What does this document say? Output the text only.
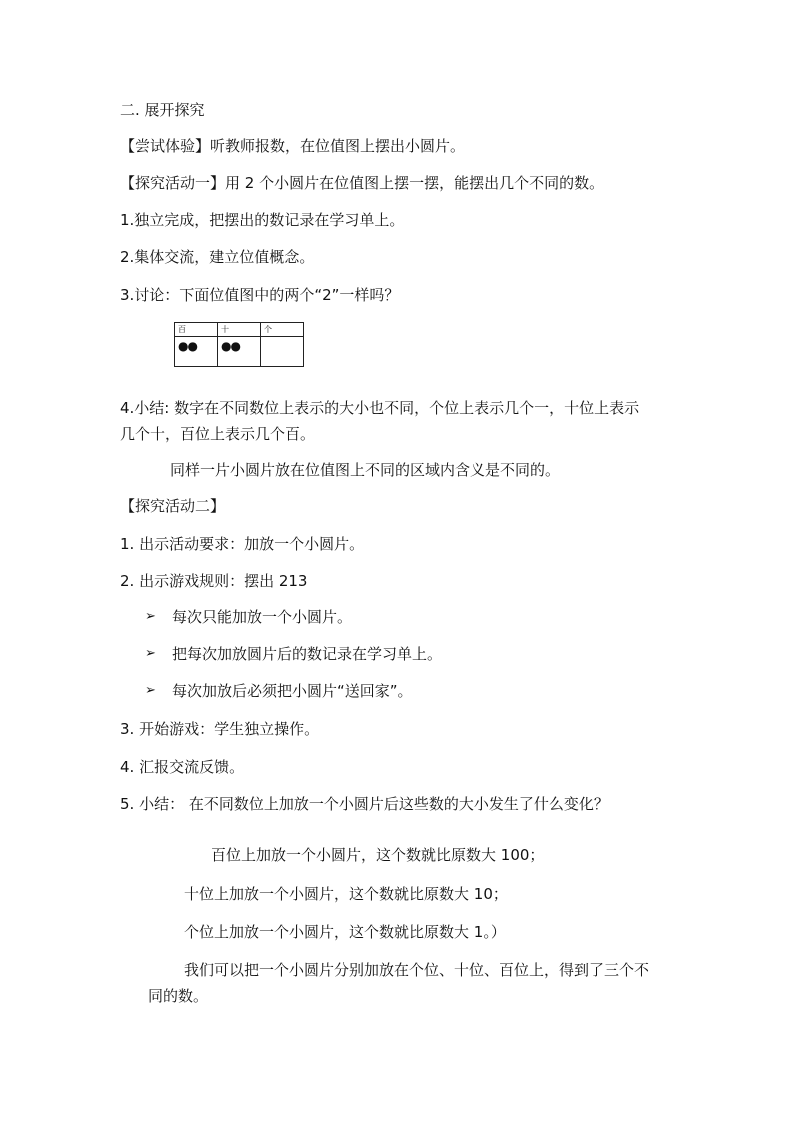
二. 展开探究
【尝试体验】听教师报数，在位值图上摆出小圆片。
【探究活动一】用 2 个小圆片在位值图上摆一摆，能摆出几个不同的数。
1.独立完成，把摆出的数记录在学习单上。
2.集体交流，建立位值概念。
3.讨论：下面位值图中的两个“2”一样吗？
百	十	个
●●	●●	
4.小结: 数字在不同数位上表示的大小也不同，个位上表示几个一，十位上表示
几个十，百位上表示几个百。
同样一片小圆片放在位值图上不同的区域内含义是不同的。
【探究活动二】
1. 出示活动要求：加放一个小圆片。
2. 出示游戏规则：摆出 213
➢ 每次只能加放一个小圆片。
➢ 把每次加放圆片后的数记录在学习单上。
➢ 每次加放后必须把小圆片“送回家”。
3. 开始游戏：学生独立操作。
4. 汇报交流反馈。
5. 小结： 在不同数位上加放一个小圆片后这些数的大小发生了什么变化？
百位上加放一个小圆片，这个数就比原数大 100；
十位上加放一个小圆片，这个数就比原数大 10；
个位上加放一个小圆片，这个数就比原数大 1。）
我们可以把一个小圆片分别加放在个位、十位、百位上，得到了三个不
同的数。
